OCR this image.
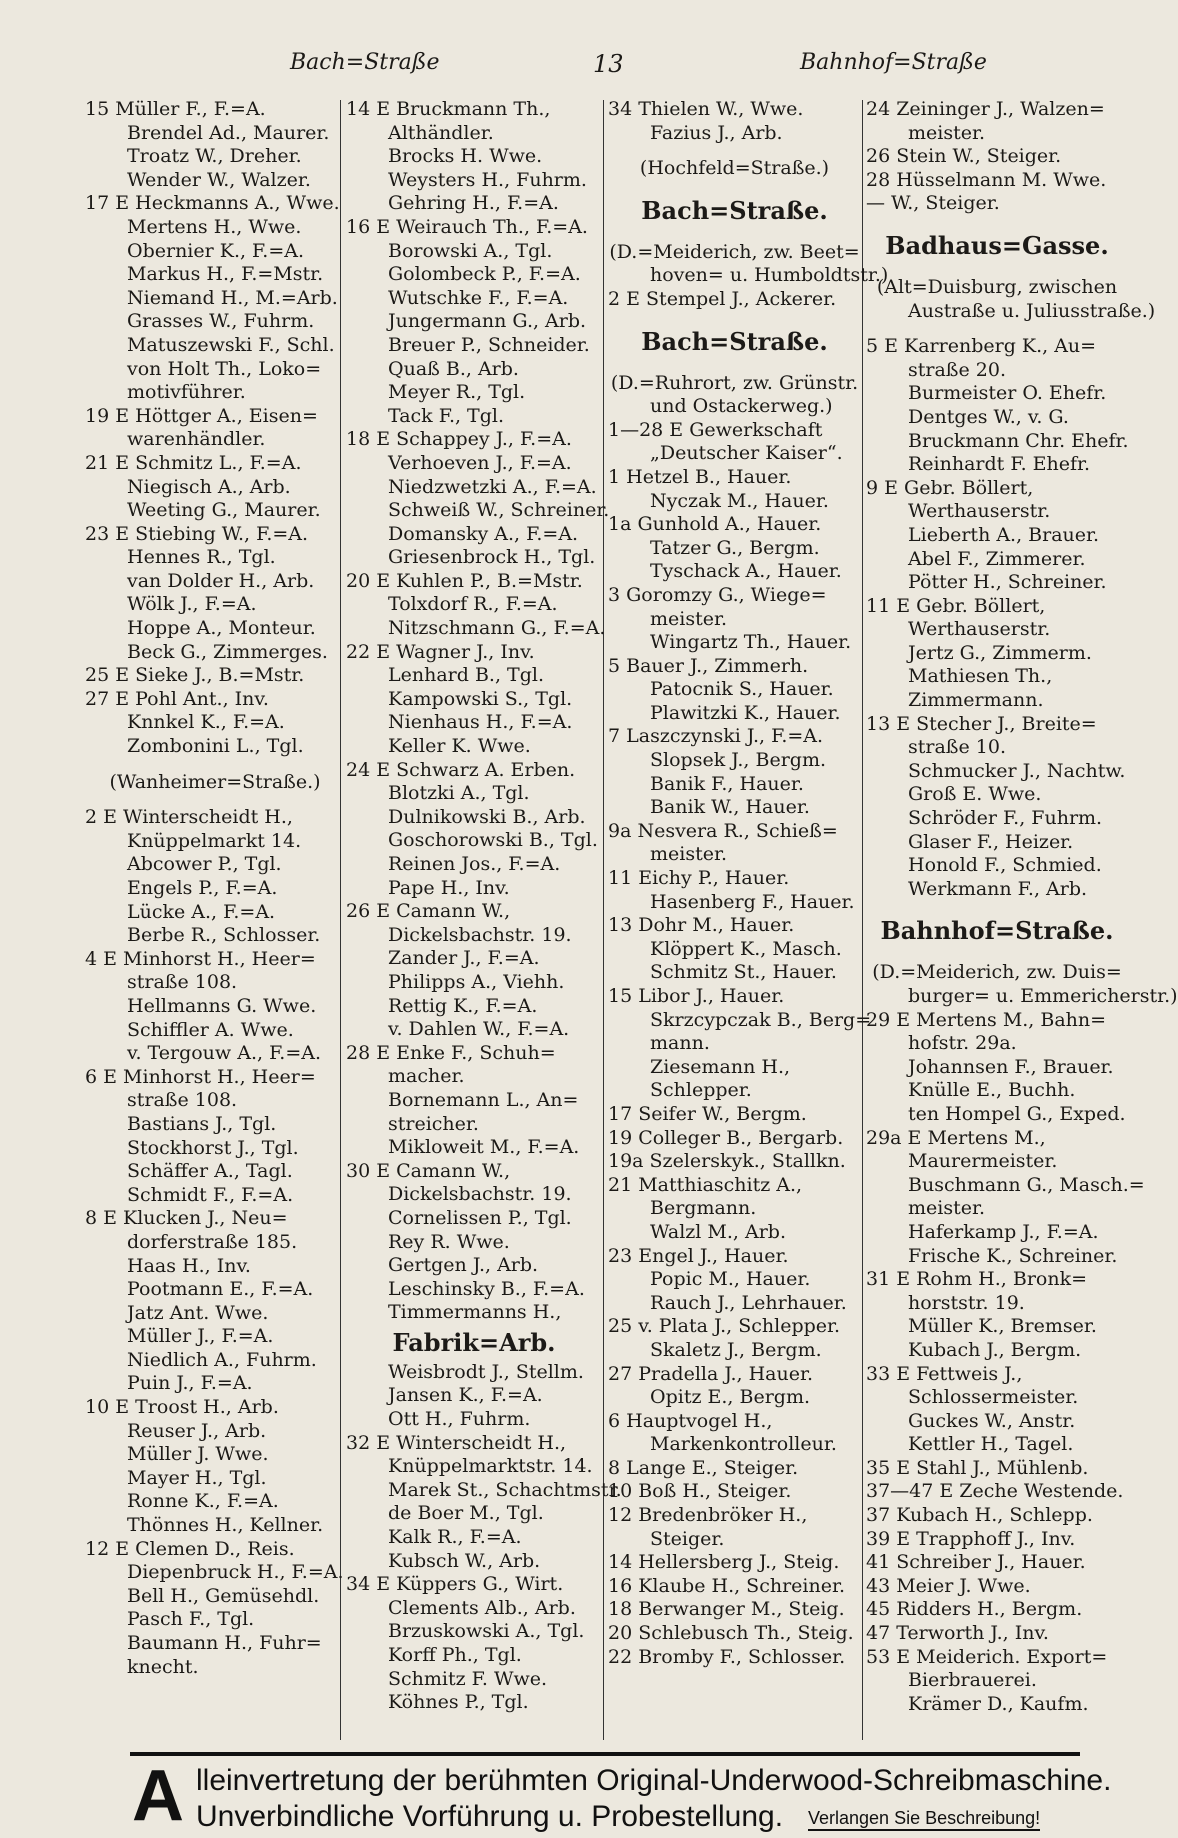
Bach=Straße	13	Bahnhof=Straße
15 Müller F., F.=A.
Brendel Ad., Maurer.
Troatz W., Dreher.
Wender W., Walzer.
17 E Heckmanns A., Wwe.
Mertens H., Wwe.
Obernier K., F.=A.
Markus H., F.=Mstr.
Niemand H., M.=Arb.
Grasses W., Fuhrm.
Matuszewski F., Schl.
von Holt Th., Loko=
motivführer.
19 E Höttger A., Eisen=
warenhändler.
21 E Schmitz L., F.=A.
Niegisch A., Arb.
Weeting G., Maurer.
23 E Stiebing W., F.=A.
Hennes R., Tgl.
van Dolder H., Arb.
Wölk J., F.=A.
Hoppe A., Monteur.
Beck G., Zimmerges.
25 E Sieke J., B.=Mstr.
27 E Pohl Ant., Inv.
Knnkel K., F.=A.
Zombonini L., Tgl.
(Wanheimer=Straße.)
2 E Winterscheidt H.,
Knüppelmarkt 14.
Abcower P., Tgl.
Engels P., F.=A.
Lücke A., F.=A.
Berbe R., Schlosser.
4 E Minhorst H., Heer=
straße 108.
Hellmanns G. Wwe.
Schiffler A. Wwe.
v. Tergouw A., F.=A.
6 E Minhorst H., Heer=
straße 108.
Bastians J., Tgl.
Stockhorst J., Tgl.
Schäffer A., Tagl.
Schmidt F., F.=A.
8 E Klucken J., Neu=
dorferstraße 185.
Haas H., Inv.
Pootmann E., F.=A.
Jatz Ant. Wwe.
Müller J., F.=A.
Niedlich A., Fuhrm.
Puin J., F.=A.
10 E Troost H., Arb.
Reuser J., Arb.
Müller J. Wwe.
Mayer H., Tgl.
Ronne K., F.=A.
Thönnes H., Kellner.
12 E Clemen D., Reis.
Diepenbruck H., F.=A.
Bell H., Gemüsehdl.
Pasch F., Tgl.
Baumann H., Fuhr=
knecht.
14 E Bruckmann Th.,
Althändler.
Brocks H. Wwe.
Weysters H., Fuhrm.
Gehring H., F.=A.
16 E Weirauch Th., F.=A.
Borowski A., Tgl.
Golombeck P., F.=A.
Wutschke F., F.=A.
Jungermann G., Arb.
Breuer P., Schneider.
Quaß B., Arb.
Meyer R., Tgl.
Tack F., Tgl.
18 E Schappey J., F.=A.
Verhoeven J., F.=A.
Niedzwetzki A., F.=A.
Schweiß W., Schreiner.
Domansky A., F.=A.
Griesenbrock H., Tgl.
20 E Kuhlen P., B.=Mstr.
Tolxdorf R., F.=A.
Nitzschmann G., F.=A.
22 E Wagner J., Inv.
Lenhard B., Tgl.
Kampowski S., Tgl.
Nienhaus H., F.=A.
Keller K. Wwe.
24 E Schwarz A. Erben.
Blotzki A., Tgl.
Dulnikowski B., Arb.
Goschorowski B., Tgl.
Reinen Jos., F.=A.
Pape H., Inv.
26 E Camann W.,
Dickelsbachstr. 19.
Zander J., F.=A.
Philipps A., Viehh.
Rettig K., F.=A.
v. Dahlen W., F.=A.
28 E Enke F., Schuh=
macher.
Bornemann L., An=
streicher.
Mikloweit M., F.=A.
30 E Camann W.,
Dickelsbachstr. 19.
Cornelissen P., Tgl.
Rey R. Wwe.
Gertgen J., Arb.
Leschinsky B., F.=A.
Timmermanns H.,
Fabrik=Arb.
Weisbrodt J., Stellm.
Jansen K., F.=A.
Ott H., Fuhrm.
32 E Winterscheidt H.,
Knüppelmarktstr. 14.
Marek St., Schachtmstr.
de Boer M., Tgl.
Kalk R., F.=A.
Kubsch W., Arb.
34 E Küppers G., Wirt.
Clements Alb., Arb.
Brzuskowski A., Tgl.
Korff Ph., Tgl.
Schmitz F. Wwe.
Köhnes P., Tgl.
34 Thielen W., Wwe.
Fazius J., Arb.
(Hochfeld=Straße.)
Bach=Straße.
(D.=Meiderich, zw. Beet=
hoven= u. Humboldtstr.)
2 E Stempel J., Ackerer.
Bach=Straße.
(D.=Ruhrort, zw. Grünstr.
und Ostackerweg.)
1—28 E Gewerkschaft
„Deutscher Kaiser“.
1 Hetzel B., Hauer.
Nyczak M., Hauer.
1a Gunhold A., Hauer.
Tatzer G., Bergm.
Tyschack A., Hauer.
3 Goromzy G., Wiege=
meister.
Wingartz Th., Hauer.
5 Bauer J., Zimmerh.
Patocnik S., Hauer.
Plawitzki K., Hauer.
7 Laszczynski J., F.=A.
Slopsek J., Bergm.
Banik F., Hauer.
Banik W., Hauer.
9a Nesvera R., Schieß=
meister.
11 Eichy P., Hauer.
Hasenberg F., Hauer.
13 Dohr M., Hauer.
Klöppert K., Masch.
Schmitz St., Hauer.
15 Libor J., Hauer.
Skrzcypczak B., Berg=
mann.
Ziesemann H.,
Schlepper.
17 Seifer W., Bergm.
19 Colleger B., Bergarb.
19a Szelerskyk., Stallkn.
21 Matthiaschitz A.,
Bergmann.
Walzl M., Arb.
23 Engel J., Hauer.
Popic M., Hauer.
Rauch J., Lehrhauer.
25 v. Plata J., Schlepper.
Skaletz J., Bergm.
27 Pradella J., Hauer.
Opitz E., Bergm.
6 Hauptvogel H.,
Markenkontrolleur.
8 Lange E., Steiger.
10 Boß H., Steiger.
12 Bredenbröker H.,
Steiger.
14 Hellersberg J., Steig.
16 Klaube H., Schreiner.
18 Berwanger M., Steig.
20 Schlebusch Th., Steig.
22 Bromby F., Schlosser.
24 Zeininger J., Walzen=
meister.
26 Stein W., Steiger.
28 Hüsselmann M. Wwe.
— W., Steiger.
Badhaus=Gasse.
(Alt=Duisburg, zwischen
Austraße u. Juliusstraße.)
5 E Karrenberg K., Au=
straße 20.
Burmeister O. Ehefr.
Dentges W., v. G.
Bruckmann Chr. Ehefr.
Reinhardt F. Ehefr.
9 E Gebr. Böllert,
Werthauserstr.
Lieberth A., Brauer.
Abel F., Zimmerer.
Pötter H., Schreiner.
11 E Gebr. Böllert,
Werthauserstr.
Jertz G., Zimmerm.
Mathiesen Th.,
Zimmermann.
13 E Stecher J., Breite=
straße 10.
Schmucker J., Nachtw.
Groß E. Wwe.
Schröder F., Fuhrm.
Glaser F., Heizer.
Honold F., Schmied.
Werkmann F., Arb.
Bahnhof=Straße.
(D.=Meiderich, zw. Duis=
burger= u. Emmericherstr.)
29 E Mertens M., Bahn=
hofstr. 29a.
Johannsen F., Brauer.
Knülle E., Buchh.
ten Hompel G., Exped.
29a E Mertens M.,
Maurermeister.
Buschmann G., Masch.=
meister.
Haferkamp J., F.=A.
Frische K., Schreiner.
31 E Rohm H., Bronk=
horststr. 19.
Müller K., Bremser.
Kubach J., Bergm.
33 E Fettweis J.,
Schlossermeister.
Guckes W., Anstr.
Kettler H., Tagel.
35 E Stahl J., Mühlenb.
37—47 E Zeche Westende.
37 Kubach H., Schlepp.
39 E Trapphoff J., Inv.
41 Schreiber J., Hauer.
43 Meier J. Wwe.
45 Ridders H., Bergm.
47 Terworth J., Inv.
53 E Meiderich. Export=
Bierbrauerei.
Krämer D., Kaufm.
A lleinvertretung der berühmten Original-Underwood-Schreibmaschine.
Unverbindliche Vorführung u. Probestellung. Verlangen Sie Beschreibung!
